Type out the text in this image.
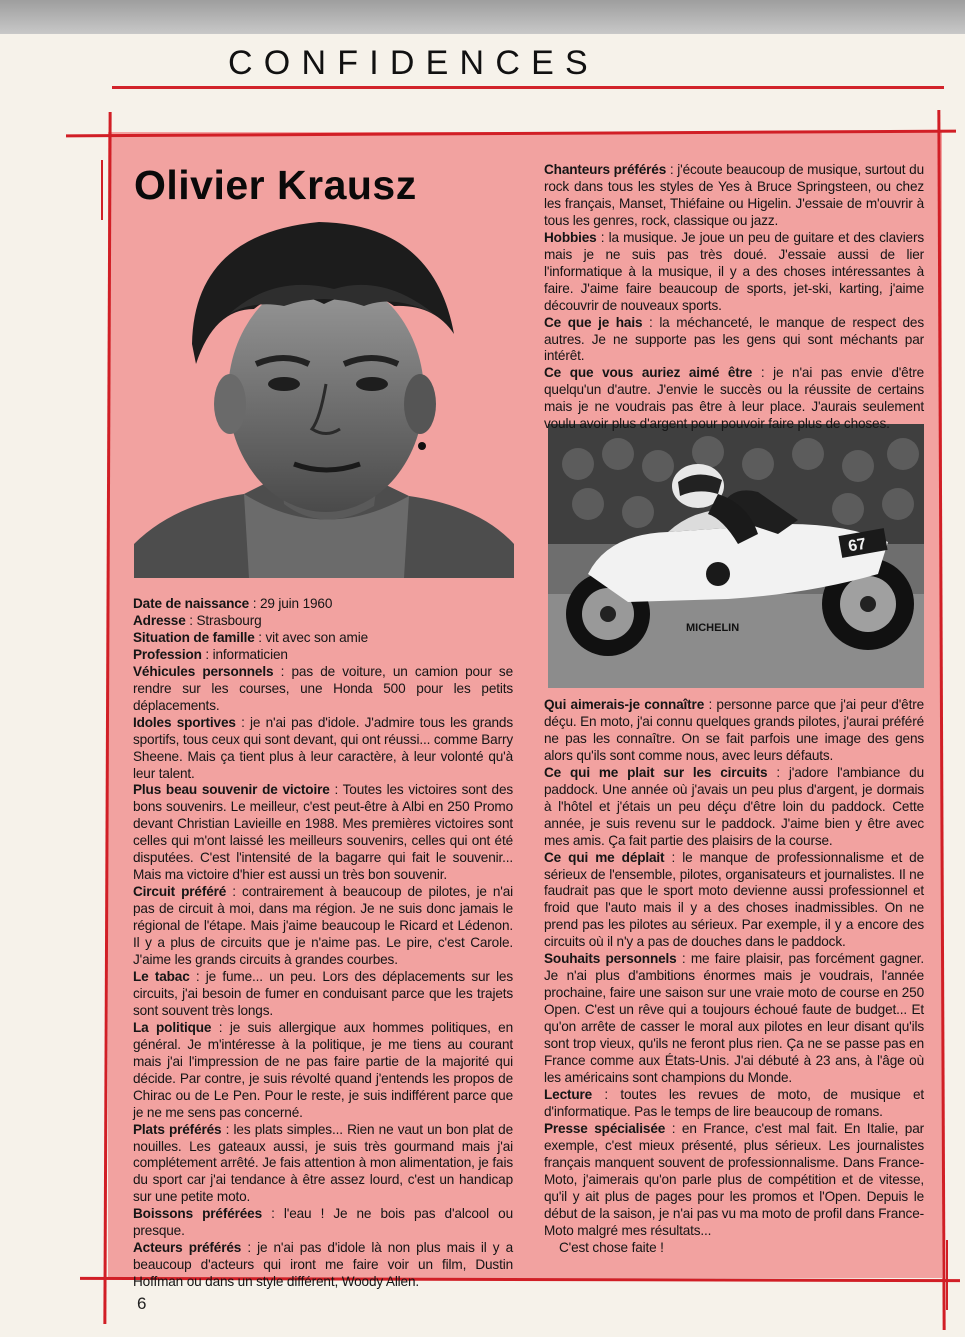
CONFIDENCES
Olivier Krausz
67
MICHELIN

Date de naissance : 29 juin 1960

Adresse : Strasbourg

Situation de famille : vit avec son amie

Profession : informaticien

Véhicules personnels : pas de voiture, un camion pour se rendre sur les courses, une Honda 500 pour les petits déplacements.

Idoles sportives : je n'ai pas d'idole. J'admire tous les grands sportifs, tous ceux qui sont devant, qui ont réussi... comme Barry Sheene. Mais ça tient plus à leur caractère, à leur volonté qu'à leur talent.

Plus beau souvenir de victoire : Toutes les victoires sont des bons souvenirs. Le meilleur, c'est peut-être à Albi en 250 Promo devant Christian Lavieille en 1988. Mes premières victoires sont celles qui m'ont laissé les meilleurs souvenirs, celles qui ont été disputées. C'est l'intensité de la bagarre qui fait le souvenir... Mais ma victoire d'hier est aussi un très bon souvenir.

Circuit préféré : contrairement à beaucoup de pilotes, je n'ai pas de circuit à moi, dans ma région. Je ne suis donc jamais le régional de l'étape. Mais j'aime beaucoup le Ricard et Lédenon. Il y a plus de circuits que je n'aime pas. Le pire, c'est Carole. J'aime les grands circuits à grandes courbes.

Le tabac : je fume... un peu. Lors des déplacements sur les circuits, j'ai besoin de fumer en conduisant parce que les trajets sont souvent très longs.

La politique : je suis allergique aux hommes politiques, en général. Je m'intéresse à la politique, je me tiens au courant mais j'ai l'impression de ne pas faire partie de la majorité qui décide. Par contre, je suis révolté quand j'entends les propos de Chirac ou de Le Pen. Pour le reste, je suis indifférent parce que je ne me sens pas concerné.

Plats préférés : les plats simples... Rien ne vaut un bon plat de nouilles. Les gateaux aussi, je suis très gourmand mais j'ai complétement arrêté. Je fais attention à mon alimentation, je fais du sport car j'ai tendance à être assez lourd, c'est un handicap sur une petite moto.

Boissons préférées : l'eau ! Je ne bois pas d'alcool ou presque.

Acteurs préférés : je n'ai pas d'idole là non plus mais il y a beaucoup d'acteurs qui iront me faire voir un film, Dustin Hoffman ou dans un style différent, Woody Allen.

Chanteurs préférés : j'écoute beaucoup de musique, surtout du rock dans tous les styles de Yes à Bruce Springsteen, ou chez les français, Manset, Thiéfaine ou Higelin. J'essaie de m'ouvrir à tous les genres, rock, classique ou jazz.

Hobbies : la musique. Je joue un peu de guitare et des claviers mais je ne suis pas très doué. J'essaie aussi de lier l'informatique à la musique, il y a des choses intéressantes à faire. J'aime faire beaucoup de sports, jet-ski, karting, j'aime découvrir de nouveaux sports.

Ce que je hais : la méchanceté, le manque de respect des autres. Je ne supporte pas les gens qui sont méchants par intérêt.

Ce que vous auriez aimé être : je n'ai pas envie d'être quelqu'un d'autre. J'envie le succès ou la réussite de certains mais je ne voudrais pas être à leur place. J'aurais seulement voulu avoir plus d'argent pour pouvoir faire plus de choses.

Qui aimerais-je connaître : personne parce que j'ai peur d'être déçu. En moto, j'ai connu quelques grands pilotes, j'aurai préféré ne pas les connaître. On se fait parfois une image des gens alors qu'ils sont comme nous, avec leurs défauts.

Ce qui me plait sur les circuits : j'adore l'ambiance du paddock. Une année où j'avais un peu plus d'argent, je dormais à l'hôtel et j'étais un peu déçu d'être loin du paddock. Cette année, je suis revenu sur le paddock. J'aime bien y être avec mes amis. Ça fait partie des plaisirs de la course.

Ce qui me déplait : le manque de professionnalisme et de sérieux de l'ensemble, pilotes, organisateurs et journalistes. Il ne faudrait pas que le sport moto devienne aussi professionnel et froid que l'auto mais il y a des choses inadmissibles. On ne prend pas les pilotes au sérieux. Par exemple, il y a encore des circuits où il n'y a pas de douches dans le paddock.

Souhaits personnels : me faire plaisir, pas forcément gagner. Je n'ai plus d'ambitions énormes mais je voudrais, l'année prochaine, faire une saison sur une vraie moto de course en 250 Open. C'est un rêve qui a toujours échoué faute de budget... Et qu'on arrête de casser le moral aux pilotes en leur disant qu'ils sont trop vieux, qu'ils ne feront plus rien. Ça ne se passe pas en France comme aux États-Unis. J'ai débuté à 23 ans, à l'âge où les américains sont champions du Monde.

Lecture : toutes les revues de moto, de musique et d'informatique. Pas le temps de lire beaucoup de romans.

Presse spécialisée : en France, c'est mal fait. En Italie, par exemple, c'est mieux présenté, plus sérieux. Les journalistes français manquent souvent de professionnalisme. Dans France-Moto, j'aimerais qu'on parle plus de compétition et de vitesse, qu'il y ait plus de pages pour les promos et l'Open. Depuis le début de la saison, je n'ai pas vu ma moto de profil dans France-Moto malgré mes résultats...

C'est chose faite !

6
